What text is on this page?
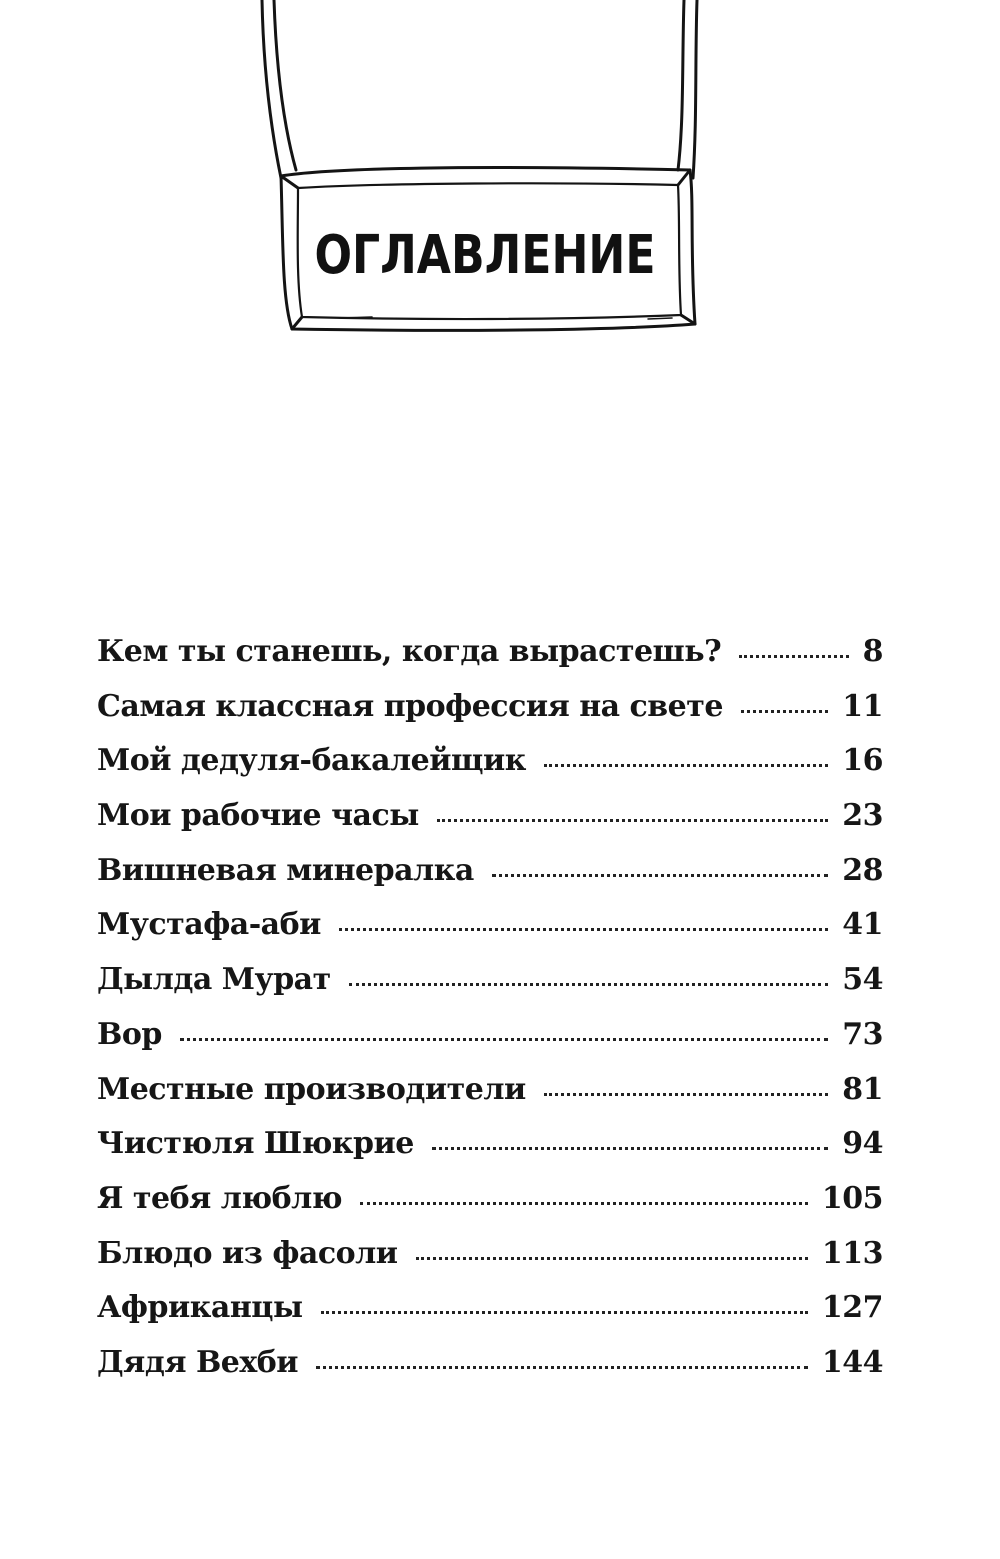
ОГЛАВЛЕНИЕ
Кем ты станешь, когда вырастешь?	8
Самая классная профессия на свете	11
Мой дедуля-бакалейщик	16
Мои рабочие часы	23
Вишневая минералка	28
Мустафа-аби	41
Дылда Мурат	54
Вор	73
Местные производители	81
Чистюля Шюкрие	94
Я тебя люблю	105
Блюдо из фасоли	113
Африканцы	127
Дядя Вехби	144
